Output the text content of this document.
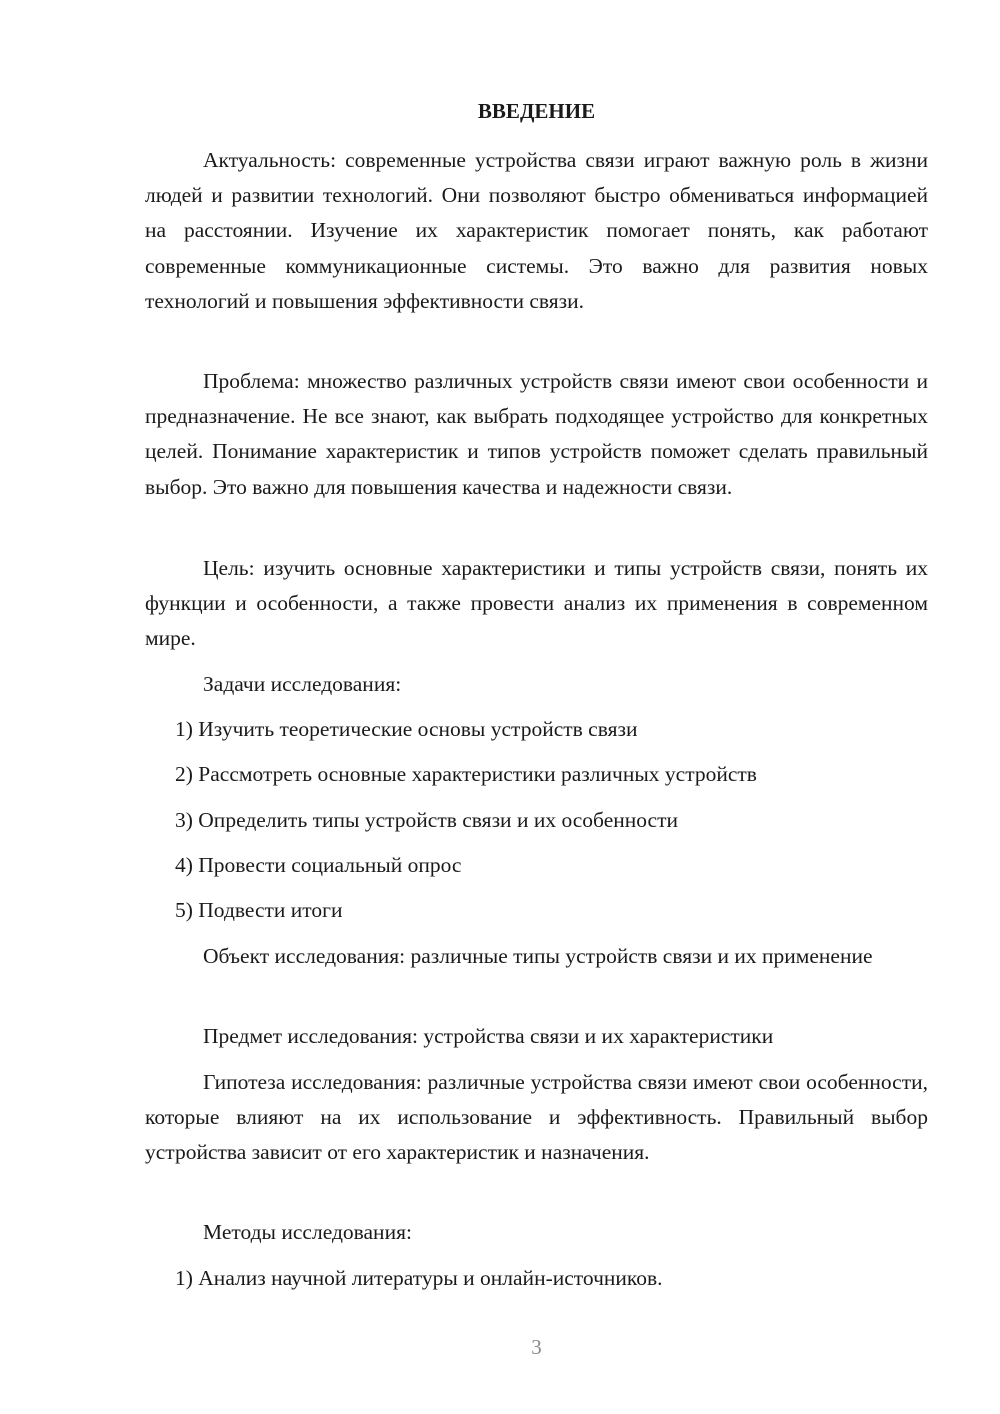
ВВЕДЕНИЕ

Актуальность: современные устройства связи играют важную роль в жизни людей и развитии технологий. Они позволяют быстро обмениваться информацией на расстоянии. Изучение их характеристик помогает понять, как работают современные коммуникационные системы. Это важно для развития новых технологий и повышения эффективности связи.

Проблема: множество различных устройств связи имеют свои особенности и предназначение. Не все знают, как выбрать подходящее устройство для конкретных целей. Понимание характеристик и типов устройств поможет сделать правильный выбор. Это важно для повышения качества и надежности связи.

Цель: изучить основные характеристики и типы устройств связи, понять их функции и особенности, а также провести анализ их применения в современном мире.

Задачи исследования:

1) Изучить теоретические основы устройств связи

2) Рассмотреть основные характеристики различных устройств

3) Определить типы устройств связи и их особенности

4) Провести социальный опрос

5) Подвести итоги

Объект исследования: различные типы устройств связи и их применение

Предмет исследования: устройства связи и их характеристики

Гипотеза исследования: различные устройства связи имеют свои особенности, которые влияют на их использование и эффективность. Правильный выбор устройства зависит от его характеристик и назначения.

Методы исследования:

1) Анализ научной литературы и онлайн-источников.

3
